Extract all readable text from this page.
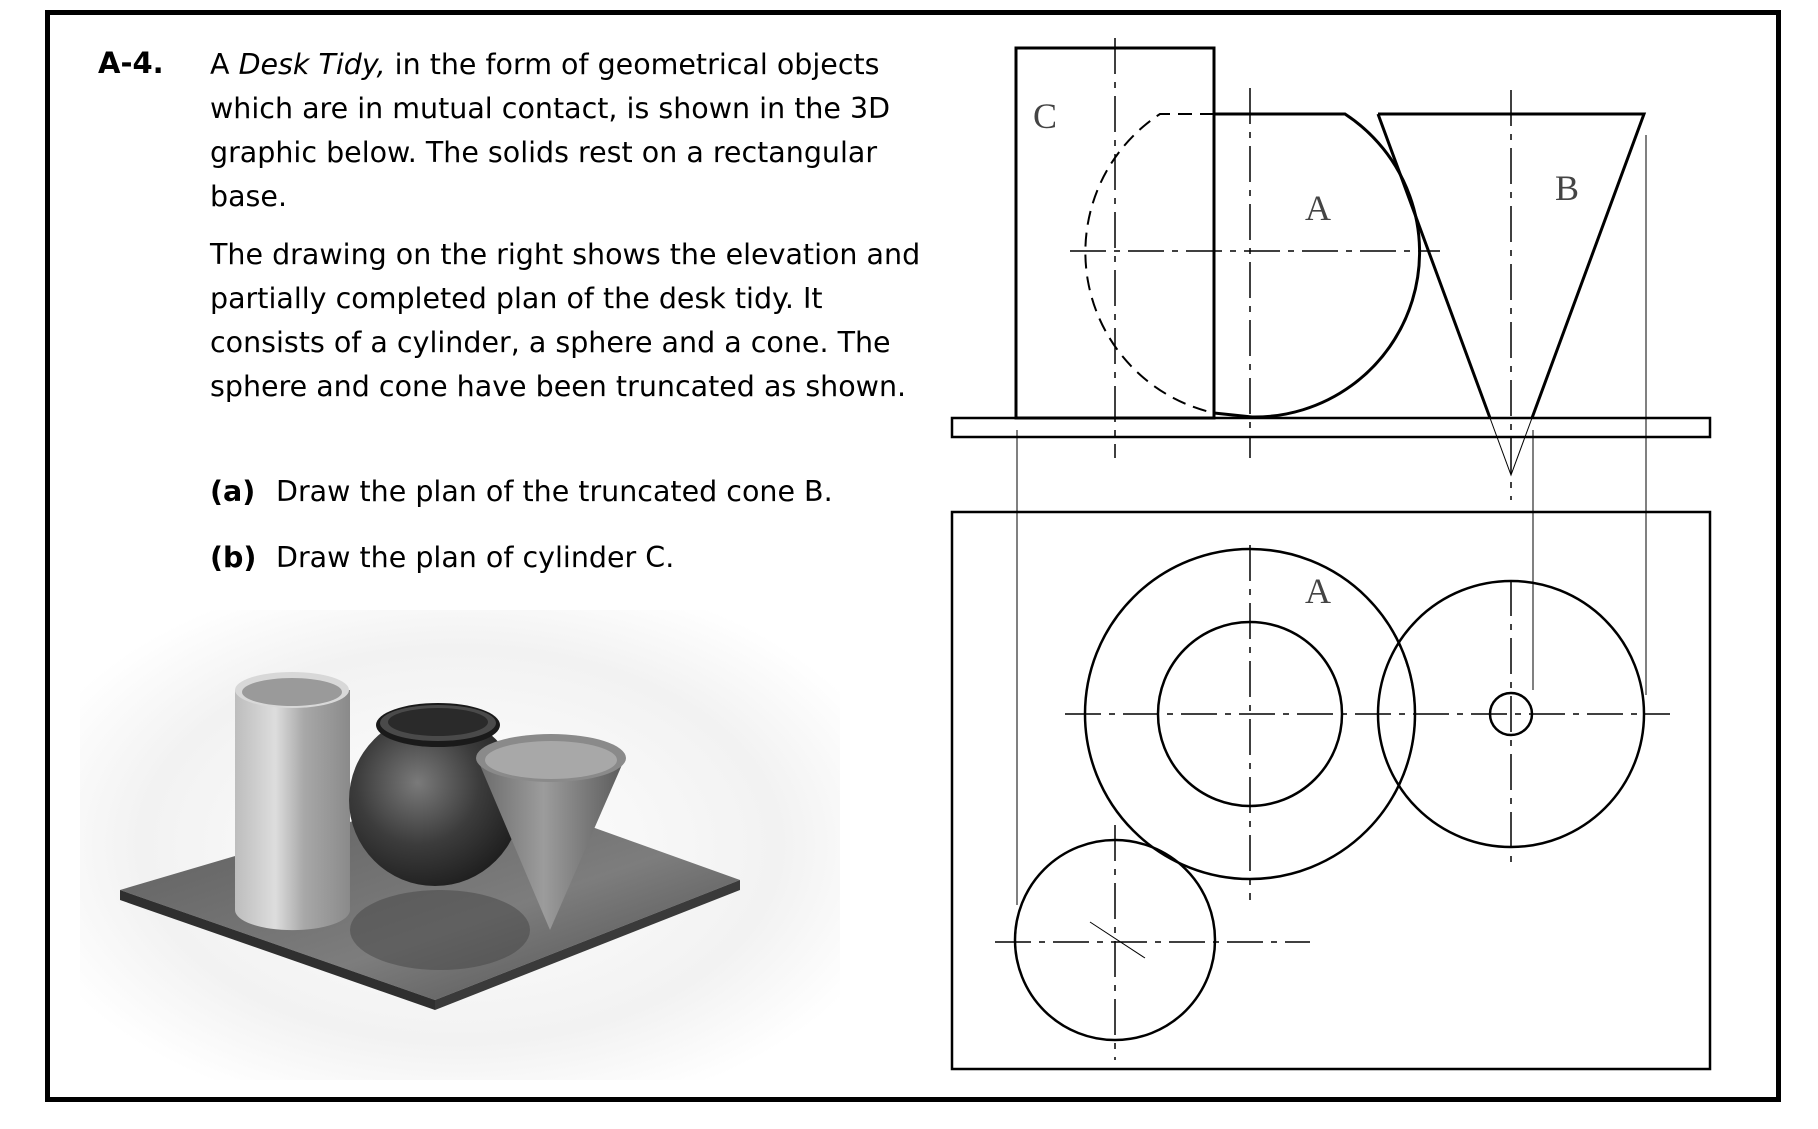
A-4. A Desk Tidy, in the form of geometrical objects which are in mutual contact, is shown in the 3D graphic below. The solids rest on a rectangular base.

The drawing on the right shows the elevation and partially completed plan of the desk tidy. It consists of a cylinder, a sphere and a cone. The sphere and cone have been truncated as shown.

(a) Draw the plan of the truncated cone B.
(b) Draw the plan of cylinder C.
C
A	B
A
